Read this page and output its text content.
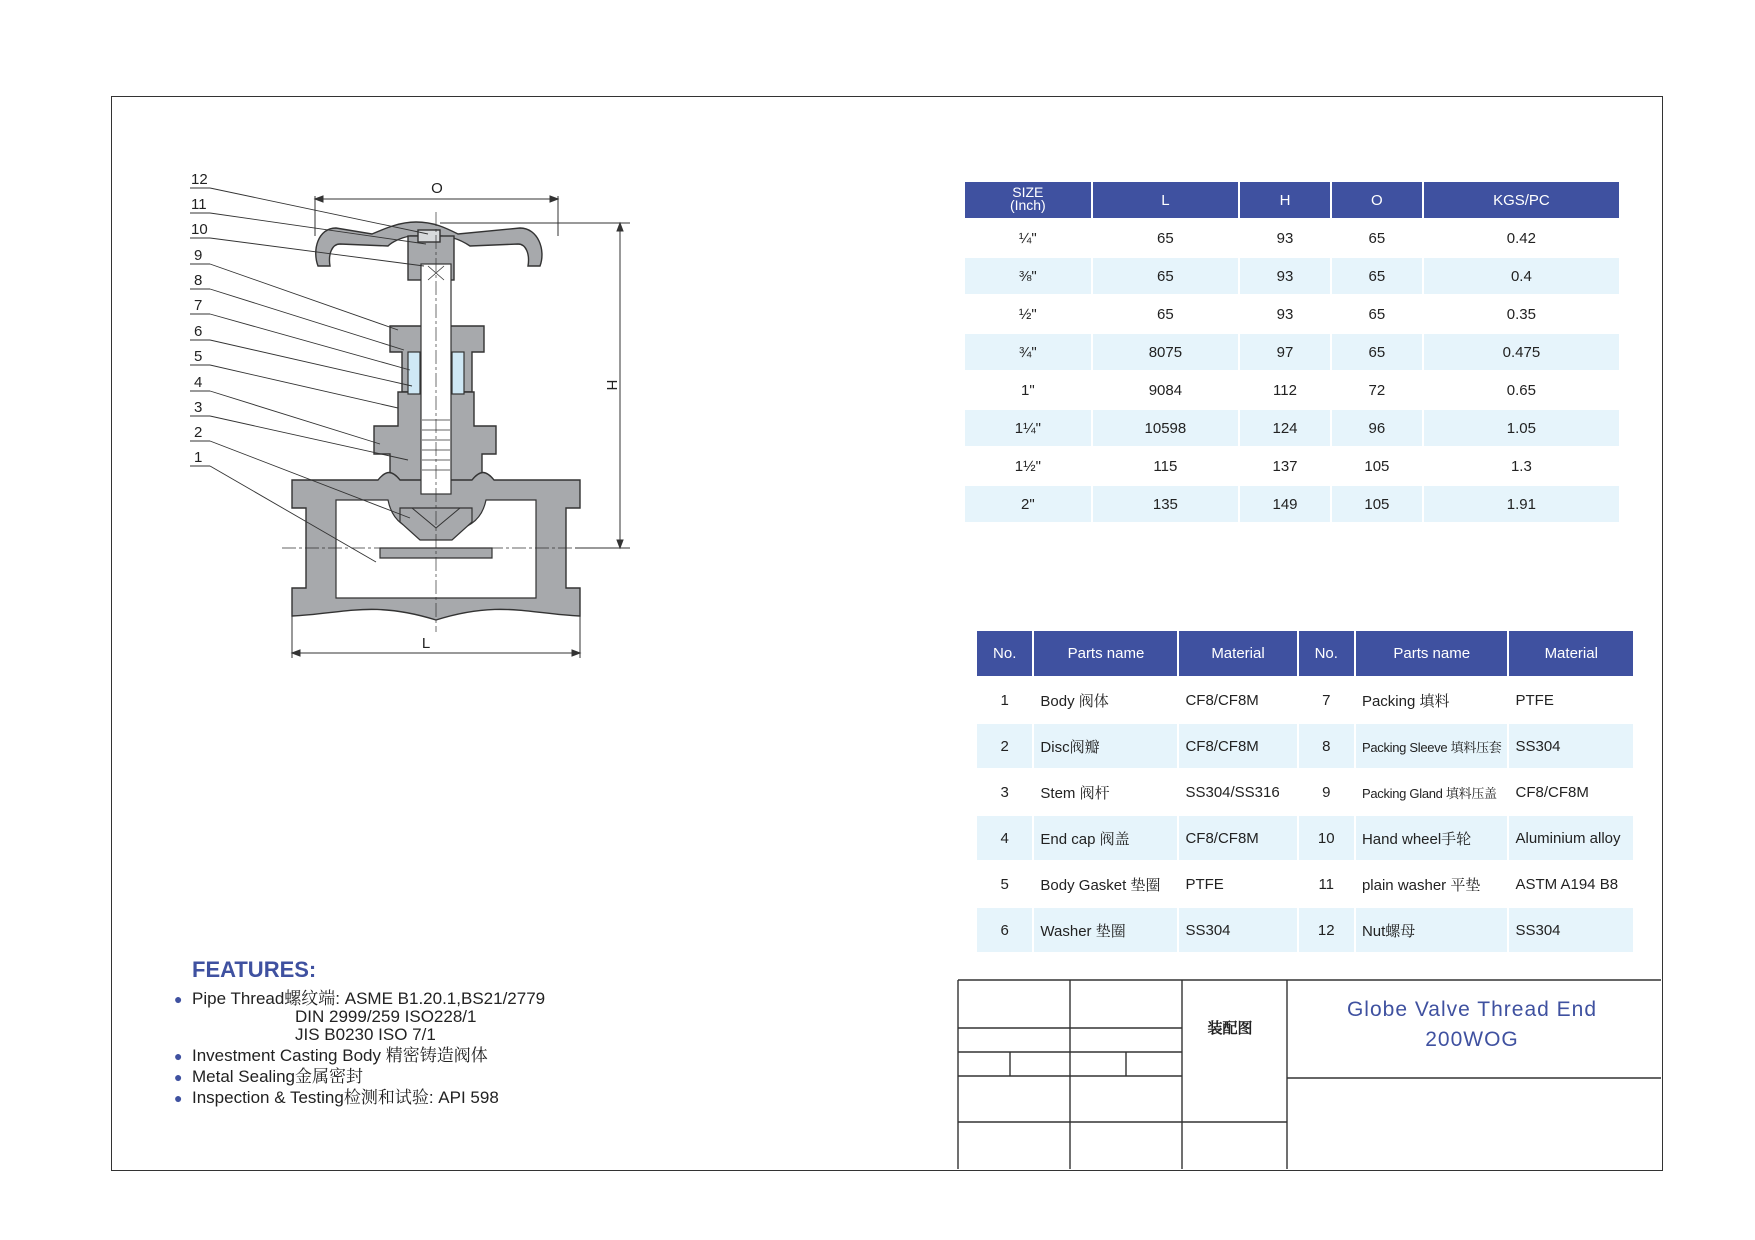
12
11
10
9
8
7
6
5
4
3
2
1
O
H
L
SIZE
(Inch)	L	H	O	KGS/PC
¼"	65	93	65	0.42
⅜"	65	93	65	0.4
½"	65	93	65	0.35
¾"	8075	97	65	0.475
1"	9084	112	72	0.65
1¼"	10598	124	96	1.05
1½"	115	137	105	1.3
2"	135	149	105	1.91
No.	Parts name	Material	No.	Parts name	Material
1	Body 阀体	CF8/CF8M	7	Packing 填料	PTFE
2	Disc阀瓣	CF8/CF8M	8	Packing Sleeve 填料压套	SS304
3	Stem 阀杆	SS304/SS316	9	Packing Gland 填料压盖	CF8/CF8M
4	End cap 阀盖	CF8/CF8M	10	Hand wheel手轮	Aluminium alloy
5	Body Gasket 垫圈	PTFE	11	plain washer 平垫	ASTM A194 B8
6	Washer 垫圈	SS304	12	Nut螺母	SS304
FEATURES:
● Pipe Thread螺纹端: ASME B1.20.1,BS21/2779
DIN 2999/259 ISO228/1
JIS B0230 ISO 7/1
● Investment Casting Body 精密铸造阀体
● Metal Sealing金属密封
● Inspection & Testing检测和试验: API 598
装配图
Globe Valve Thread End
200WOG
